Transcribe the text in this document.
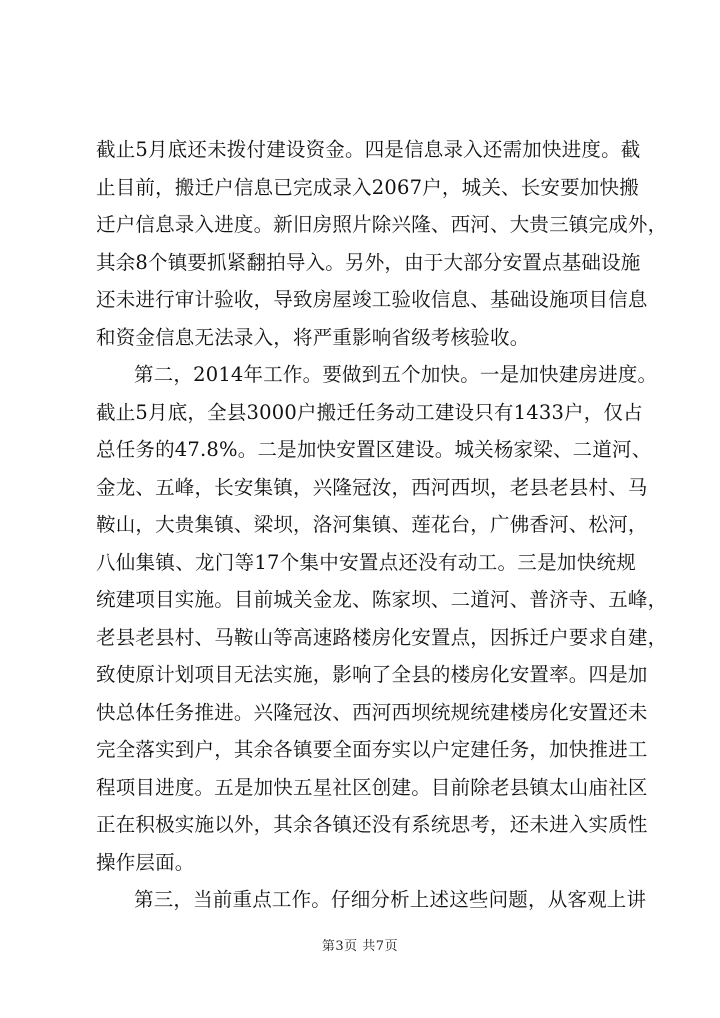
截止5月底还未拨付建设资金。四是信息录入还需加快进度。截
止目前，搬迁户信息已完成录入2067户，城关、长安要加快搬
迁户信息录入进度。新旧房照片除兴隆、西河、大贵三镇完成外，
其余8个镇要抓紧翻拍导入。另外，由于大部分安置点基础设施
还未进行审计验收，导致房屋竣工验收信息、基础设施项目信息
和资金信息无法录入，将严重影响省级考核验收。
第二，2014年工作。要做到五个加快。一是加快建房进度。
截止5月底，全县3000户搬迁任务动工建设只有1433户，仅占
总任务的47.8%。二是加快安置区建设。城关杨家梁、二道河、
金龙、五峰，长安集镇，兴隆冠汝，西河西坝，老县老县村、马
鞍山，大贵集镇、梁坝，洛河集镇、莲花台，广佛香河、松河，
八仙集镇、龙门等17个集中安置点还没有动工。三是加快统规
统建项目实施。目前城关金龙、陈家坝、二道河、普济寺、五峰，
老县老县村、马鞍山等高速路楼房化安置点，因拆迁户要求自建，
致使原计划项目无法实施，影响了全县的楼房化安置率。四是加
快总体任务推进。兴隆冠汝、西河西坝统规统建楼房化安置还未
完全落实到户，其余各镇要全面夯实以户定建任务，加快推进工
程项目进度。五是加快五星社区创建。目前除老县镇太山庙社区
正在积极实施以外，其余各镇还没有系统思考，还未进入实质性
操作层面。
第三，当前重点工作。仔细分析上述这些问题，从客观上讲
第3页 共7页
